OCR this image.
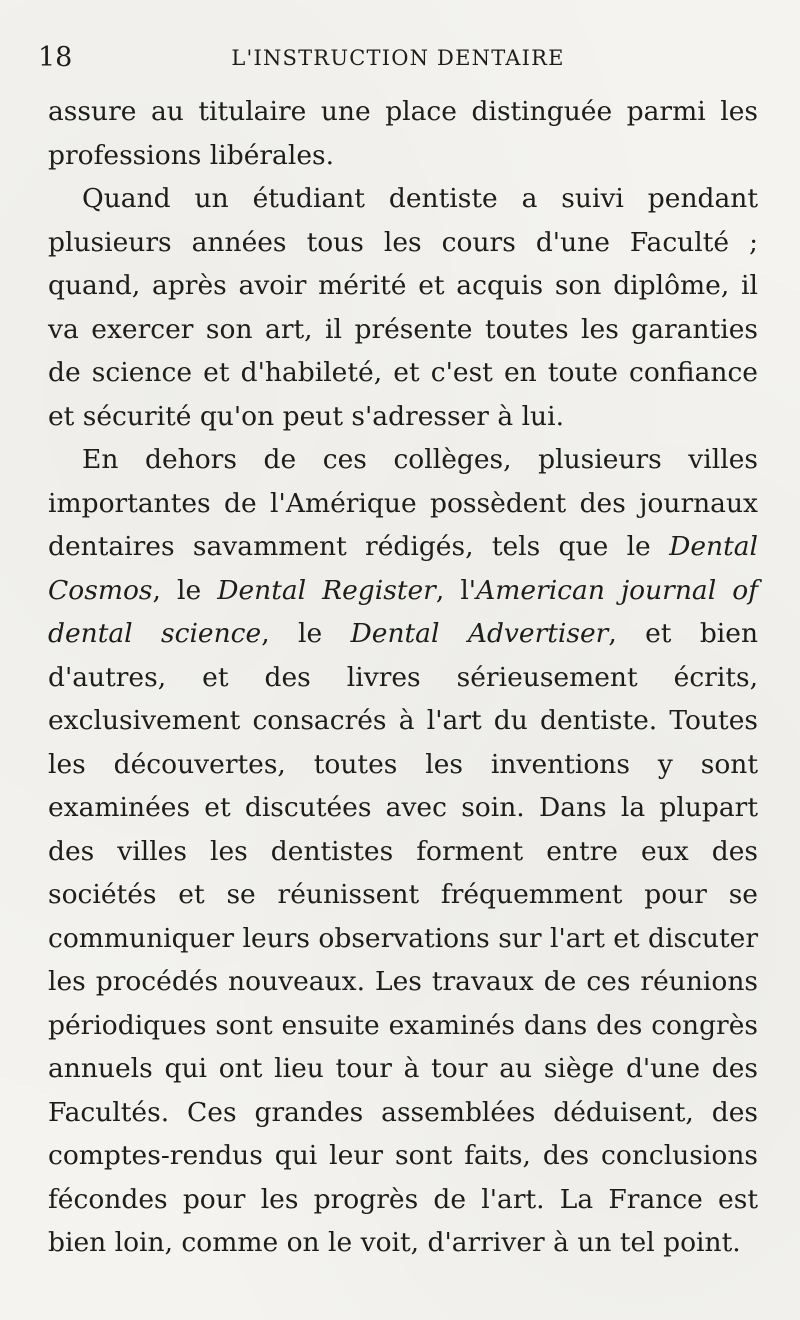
18	L'INSTRUCTION DENTAIRE

assure au titulaire une place distinguée parmi les professions libérales.

Quand un étudiant dentiste a suivi pendant plusieurs années tous les cours d'une Faculté ; quand, après avoir mérité et acquis son diplôme, il va exercer son art, il présente toutes les garanties de science et d'habileté, et c'est en toute confiance et sécurité qu'on peut s'adresser à lui.

En dehors de ces collèges, plusieurs villes importantes de l'Amérique possèdent des journaux dentaires savamment rédigés, tels que le Dental Cosmos, le Dental Register, l'American journal of dental science, le Dental Advertiser, et bien d'autres, et des livres sérieusement écrits, exclusivement consacrés à l'art du dentiste. Toutes les découvertes, toutes les inventions y sont examinées et discutées avec soin. Dans la plupart des villes les dentistes forment entre eux des sociétés et se réunissent fréquemment pour se communiquer leurs observations sur l'art et discuter les procédés nouveaux. Les travaux de ces réunions périodiques sont ensuite examinés dans des congrès annuels qui ont lieu tour à tour au siège d'une des Facultés. Ces grandes assemblées déduisent, des comptes-rendus qui leur sont faits, des conclusions fécondes pour les progrès de l'art. La France est bien loin, comme on le voit, d'arriver à un tel point.
